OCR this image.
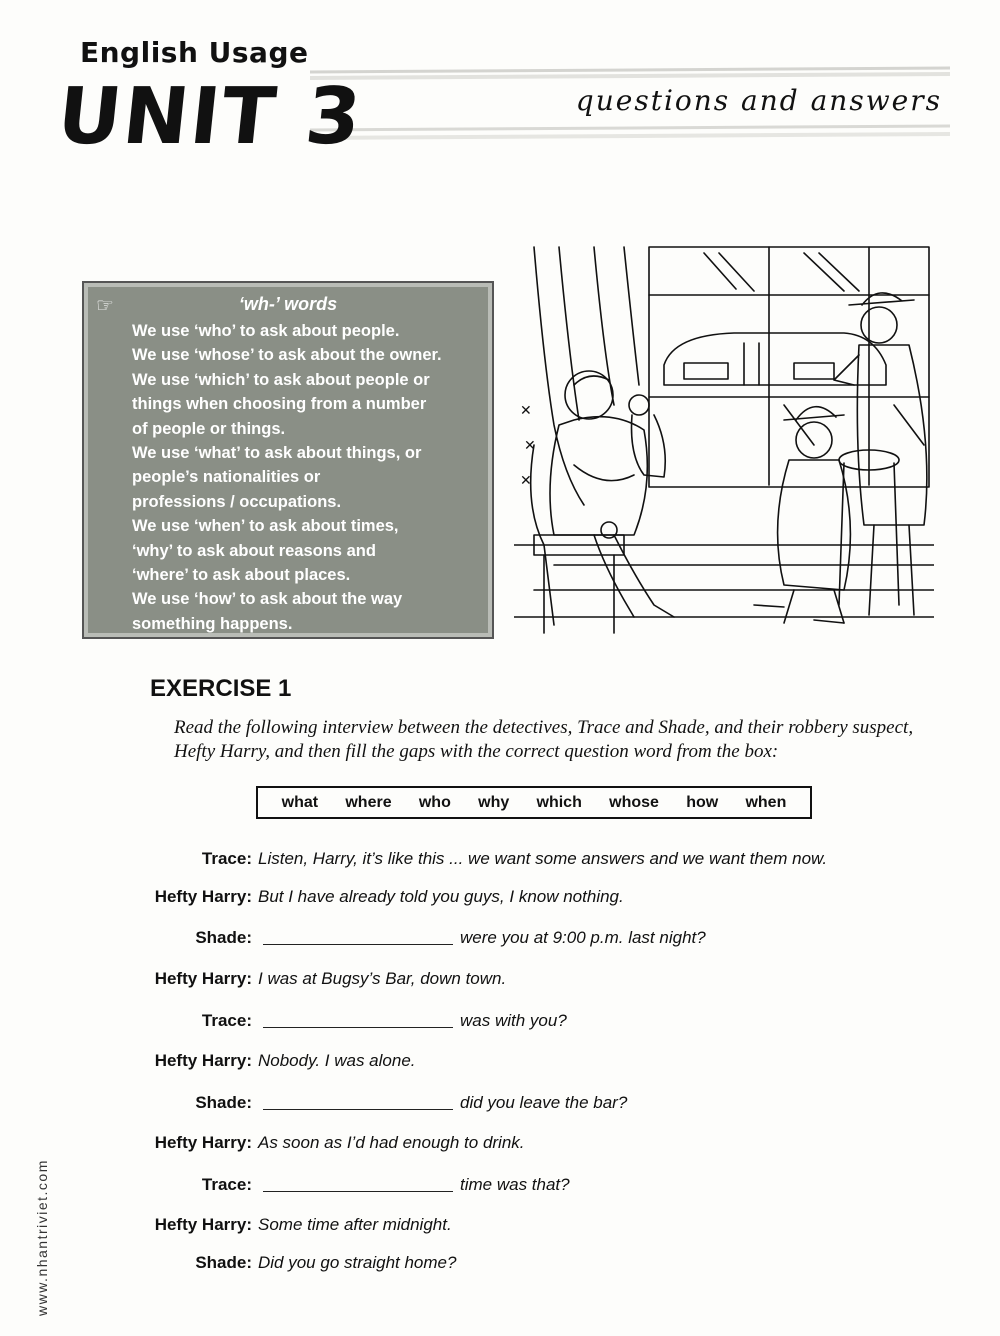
English Usage
UNIT 3	questions and answers
☞	‘wh-’ words

We use ‘who’ to ask about people.

We use ‘whose’ to ask about the owner.

We use ‘which’ to ask about people or

things when choosing from a number

of people or things.

We use ‘what’ to ask about things, or

people’s nationalities or

professions / occupations.

We use ‘when’ to ask about times,

‘why’ to ask about reasons and

‘where’ to ask about places.

We use ‘how’ to ask about the way

something happens.

✕
✕
✕
EXERCISE 1
Read the following interview between the detectives, Trace and Shade, and their robbery suspect, Hefty Harry, and then fill the gaps with the correct question word from the box:
what where who why which whose how when
Trace: Listen, Harry, it’s like this ... we want some answers and we want them now.
Hefty Harry: But I have already told you guys, I know nothing.
Shade:	were you at 9:00 p.m. last night?
Hefty Harry: I was at Bugsy’s Bar, down town.
Trace:	was with you?
Hefty Harry: Nobody. I was alone.
Shade:	did you leave the bar?
Hefty Harry: As soon as I’d had enough to drink.
Trace:	time was that?
Hefty Harry: Some time after midnight.
Shade: Did you go straight home?
www.nhantriviet.com
